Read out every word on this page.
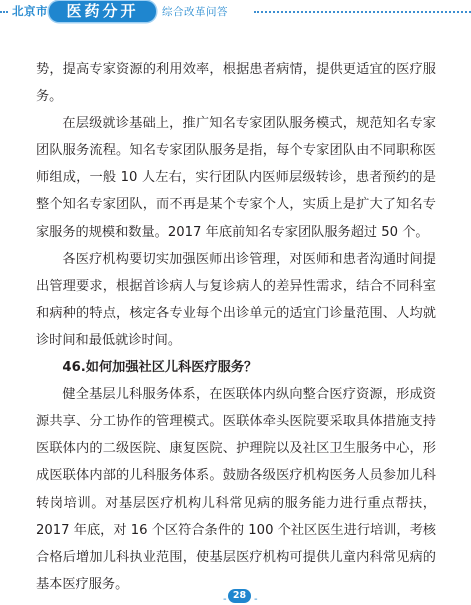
北京市	医药分开	综合改革问答

势，提高专家资源的利用效率，根据患者病情，提供更适宜的医疗服务。

在层级就诊基础上，推广知名专家团队服务模式，规范知名专家团队服务流程。知名专家团队服务是指，每个专家团队由不同职称医师组成，一般 10 人左右，实行团队内医师层级转诊，患者预约的是整个知名专家团队，而不再是某个专家个人，实质上是扩大了知名专家服务的规模和数量。2017 年底前知名专家团队服务超过 50 个。

各医疗机构要切实加强医师出诊管理，对医师和患者沟通时间提出管理要求，根据首诊病人与复诊病人的差异性需求，结合不同科室和病种的特点，核定各专业每个出诊单元的适宜门诊量范围、人均就诊时间和最低就诊时间。

46.如何加强社区儿科医疗服务？

健全基层儿科服务体系，在医联体内纵向整合医疗资源，形成资源共享、分工协作的管理模式。医联体牵头医院要采取具体措施支持医联体内的二级医院、康复医院、护理院以及社区卫生服务中心，形成医联体内部的儿科服务体系。鼓励各级医疗机构医务人员参加儿科转岗培训。对基层医疗机构儿科常见病的服务能力进行重点帮扶，2017 年底，对 16 个区符合条件的 100 个社区医生进行培训，考核合格后增加儿科执业范围，使基层医疗机构可提供儿童内科常见病的基本医疗服务。

- 28 -
